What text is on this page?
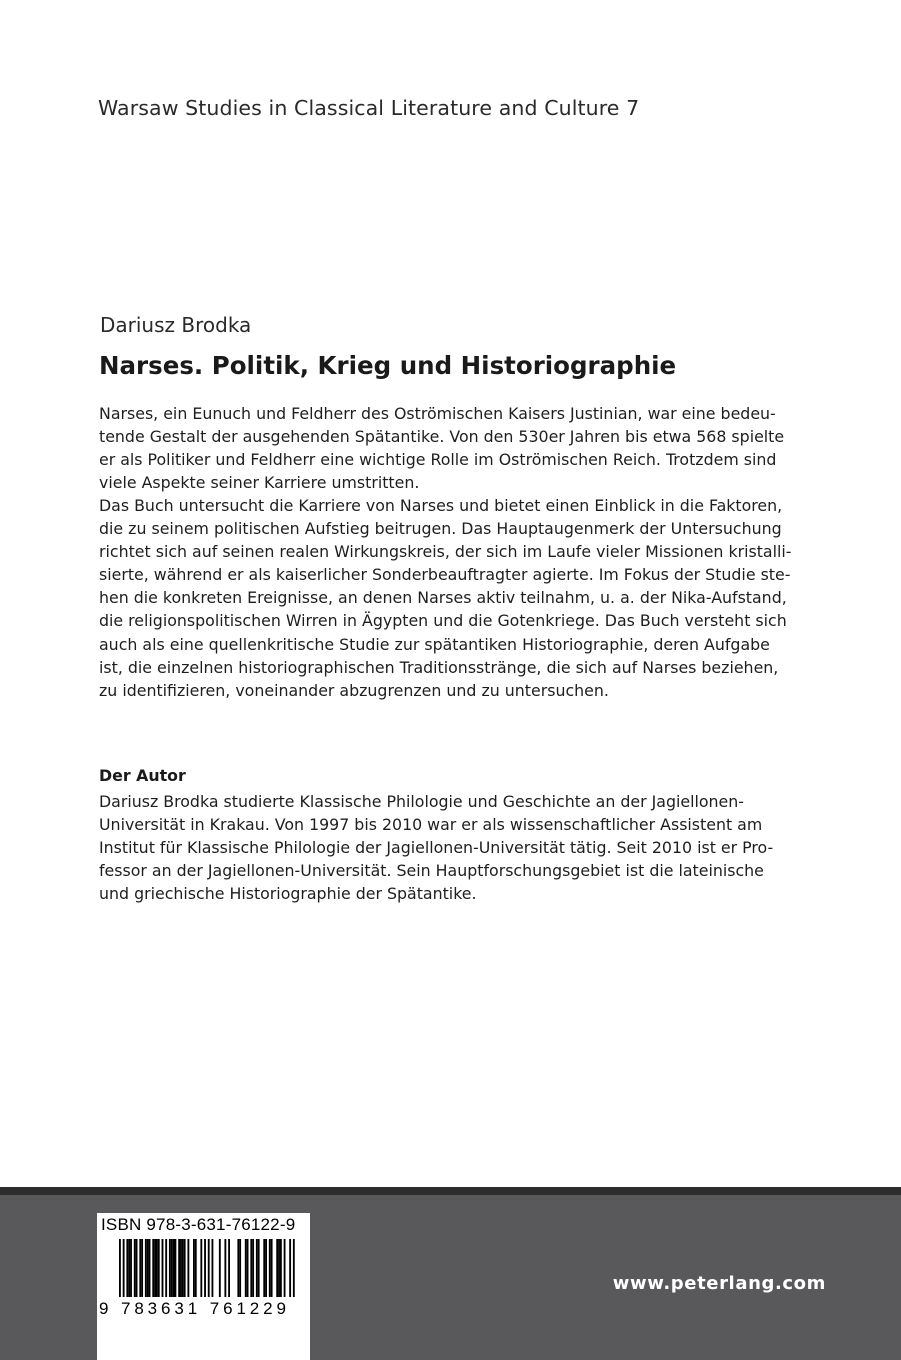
Warsaw Studies in Classical Literature and Culture 7
Dariusz Brodka
Narses. Politik, Krieg und Historiographie

Narses, ein Eunuch und Feldherr des Oströmischen Kaisers Justinian, war eine bedeu-
tende Gestalt der ausgehenden Spätantike. Von den 530er Jahren bis etwa 568 spielte
er als Politiker und Feldherr eine wichtige Rolle im Oströmischen Reich. Trotzdem sind
viele Aspekte seiner Karriere umstritten.

Das Buch untersucht die Karriere von Narses und bietet einen Einblick in die Faktoren,
die zu seinem politischen Aufstieg beitrugen. Das Hauptaugenmerk der Untersuchung
richtet sich auf seinen realen Wirkungskreis, der sich im Laufe vieler Missionen kristalli-
sierte, während er als kaiserlicher Sonderbeauftragter agierte. Im Fokus der Studie ste-
hen die konkreten Ereignisse, an denen Narses aktiv teilnahm, u. a. der Nika-Aufstand,
die religionspolitischen Wirren in Ägypten und die Gotenkriege. Das Buch versteht sich
auch als eine quellenkritische Studie zur spätantiken Historiographie, deren Aufgabe
ist, die einzelnen historiographischen Traditionsstränge, die sich auf Narses beziehen,
zu identifizieren, voneinander abzugrenzen und zu untersuchen.

Der Autor

Dariusz Brodka studierte Klassische Philologie und Geschichte an der Jagiellonen-
Universität in Krakau. Von 1997 bis 2010 war er als wissenschaftlicher Assistent am
Institut für Klassische Philologie der Jagiellonen-Universität tätig. Seit 2010 ist er Pro-
fessor an der Jagiellonen-Universität. Sein Hauptforschungsgebiet ist die lateinische
und griechische Historiographie der Spätantike.

ISBN 978-3-631-76122-9
9 783631 761229
www.peterlang.com
